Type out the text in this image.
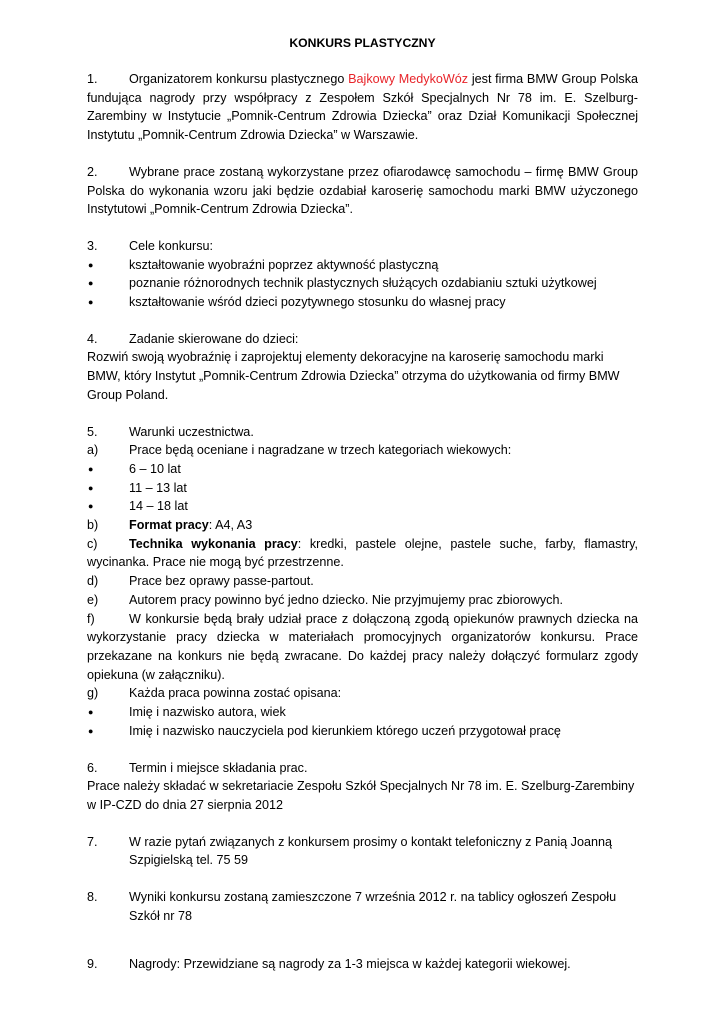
KONKURS PLASTYCZNY
1. Organizatorem konkursu plastycznego Bajkowy MedykoWóz jest firma BMW Group Polska fundująca nagrody przy współpracy z Zespołem Szkół Specjalnych Nr 78 im. E. Szelburg-Zarembiny w Instytucie „Pomnik-Centrum Zdrowia Dziecka” oraz Dział Komunikacji Społecznej Instytutu „Pomnik-Centrum Zdrowia Dziecka” w Warszawie.
2. Wybrane prace zostaną wykorzystane przez ofiarodawcę samochodu – firmę BMW Group Polska do wykonania wzoru jaki będzie ozdabiał karoserię samochodu marki BMW użyczonego Instytutowi „Pomnik-Centrum Zdrowia Dziecka”.
3. Cele konkursu:
●	kształtowanie wyobraźni poprzez aktywność plastyczną
●	poznanie różnorodnych technik plastycznych służących ozdabianiu sztuki użytkowej
●	kształtowanie wśród dzieci pozytywnego stosunku do własnej pracy
4. Zadanie skierowane do dzieci:
Rozwiń swoją wyobraźnię i zaprojektuj elementy dekoracyjne na karoserię samochodu marki BMW, który Instytut „Pomnik-Centrum Zdrowia Dziecka” otrzyma do użytkowania od firmy BMW Group Poland.
5. Warunki uczestnictwa.
a) Prace będą oceniane i nagradzane w trzech kategoriach wiekowych:
●	6 – 10 lat
●	11 – 13 lat
●	14 – 18 lat
b) Format pracy: A4, A3
c)	Technika wykonania pracy: kredki, pastele olejne, pastele suche, farby, flamastry, wycinanka. Prace nie mogą być przestrzenne.
d) Prace bez oprawy passe-partout.
e) Autorem pracy powinno być jedno dziecko. Nie przyjmujemy prac zbiorowych.
f)	W konkursie będą brały udział prace z dołączoną zgodą opiekunów prawnych dziecka na wykorzystanie pracy dziecka w materiałach promocyjnych organizatorów konkursu. Prace przekazane na konkurs nie będą zwracane. Do każdej pracy należy dołączyć formularz zgody opiekuna (w załączniku).
g) Każda praca powinna zostać opisana:
●	Imię i nazwisko autora, wiek
●	Imię i nazwisko nauczyciela pod kierunkiem którego uczeń przygotował pracę
6. Termin i miejsce składania prac.
Prace należy składać w sekretariacie Zespołu Szkół Specjalnych Nr 78 im. E. Szelburg-Zarembiny w IP-CZD do dnia 27 sierpnia 2012
7. W razie pytań związanych z konkursem prosimy o kontakt telefoniczny z Panią Joanną Szpigielską tel. 75 59
8. Wyniki konkursu zostaną zamieszczone 7 września 2012 r. na tablicy ogłoszeń Zespołu Szkół nr 78
9. Nagrody: Przewidziane są nagrody za 1-3 miejsca w każdej kategorii wiekowej.
